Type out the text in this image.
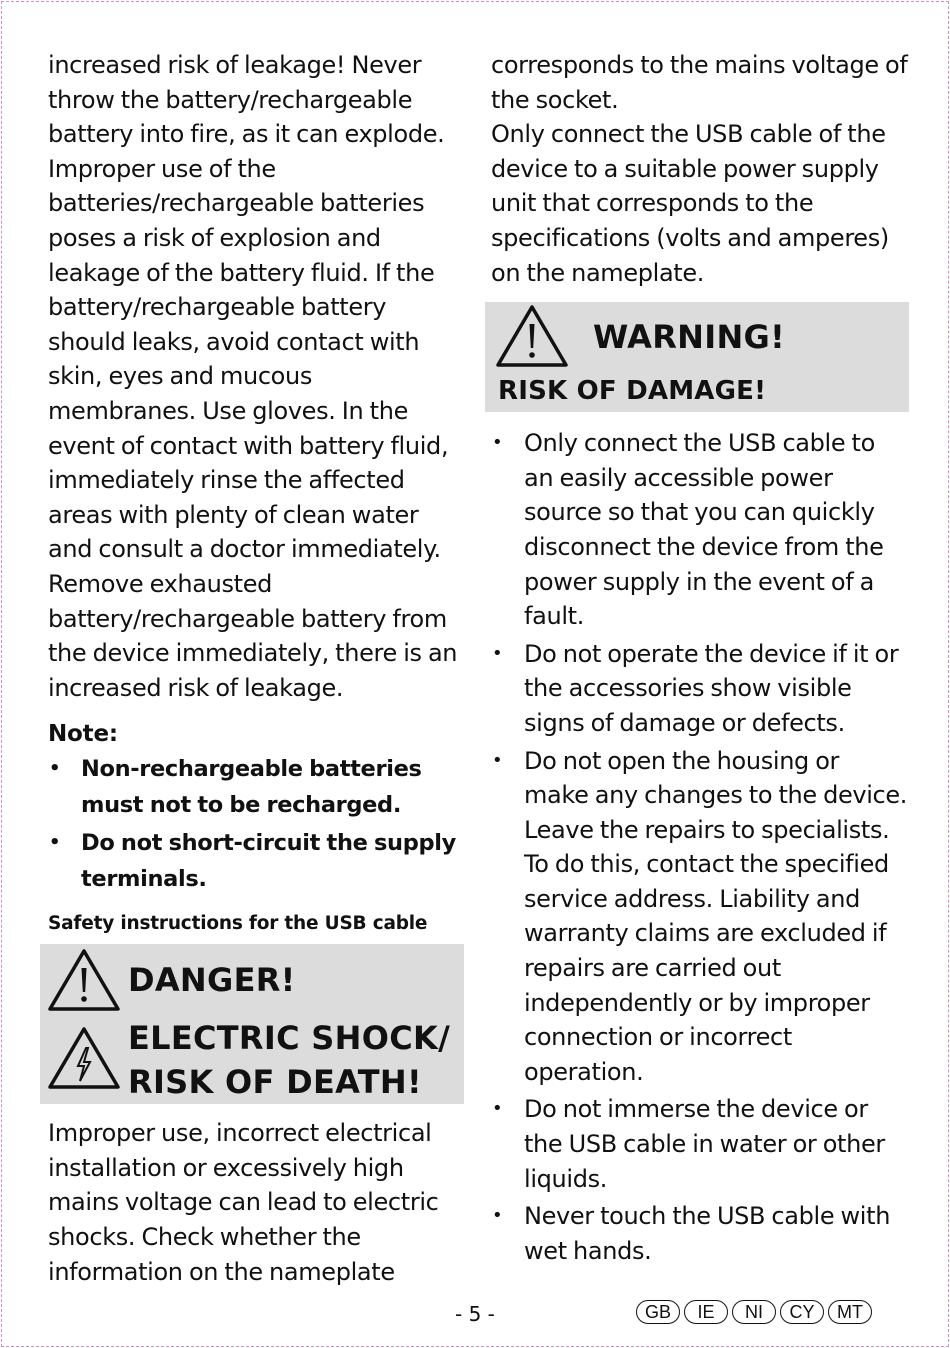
increased risk of leakage! Never throw the battery/rechargeable battery into fire, as it can explode. Improper use of the batteries/rechargeable batteries poses a risk of explosion and leakage of the battery fluid. If the battery/rechargeable battery should leaks, avoid contact with skin, eyes and mucous membranes. Use gloves. In the event of contact with battery fluid, immediately rinse the affected areas with plenty of clean water and consult a doctor immediately. Remove exhausted battery/rechargeable battery from the device immediately, there is an increased risk of leakage.

Note:
• Non-rechargeable batteries must not to be recharged.
• Do not short-circuit the supply terminals.
Safety instructions for the USB cable
DANGER!
ELECTRIC SHOCK/
RISK OF DEATH!

Improper use, incorrect electrical installation or excessively high mains voltage can lead to electric shocks. Check whether the information on the nameplate

corresponds to the mains voltage of the socket.

Only connect the USB cable of the device to a suitable power supply unit that corresponds to the specifications (volts and amperes) on the nameplate.

WARNING!
RISK OF DAMAGE!
• Only connect the USB cable to an easily accessible power source so that you can quickly disconnect the device from the power supply in the event of a fault.
• Do not operate the device if it or the accessories show visible signs of damage or defects.
• Do not open the housing or make any changes to the device. Leave the repairs to specialists. To do this, contact the specified service address. Liability and warranty claims are excluded if repairs are carried out independently or by improper connection or incorrect operation.
• Do not immerse the device or the USB cable in water or other liquids.
• Never touch the USB cable with wet hands.
- 5 -	GB	IE	NI	CY	MT
